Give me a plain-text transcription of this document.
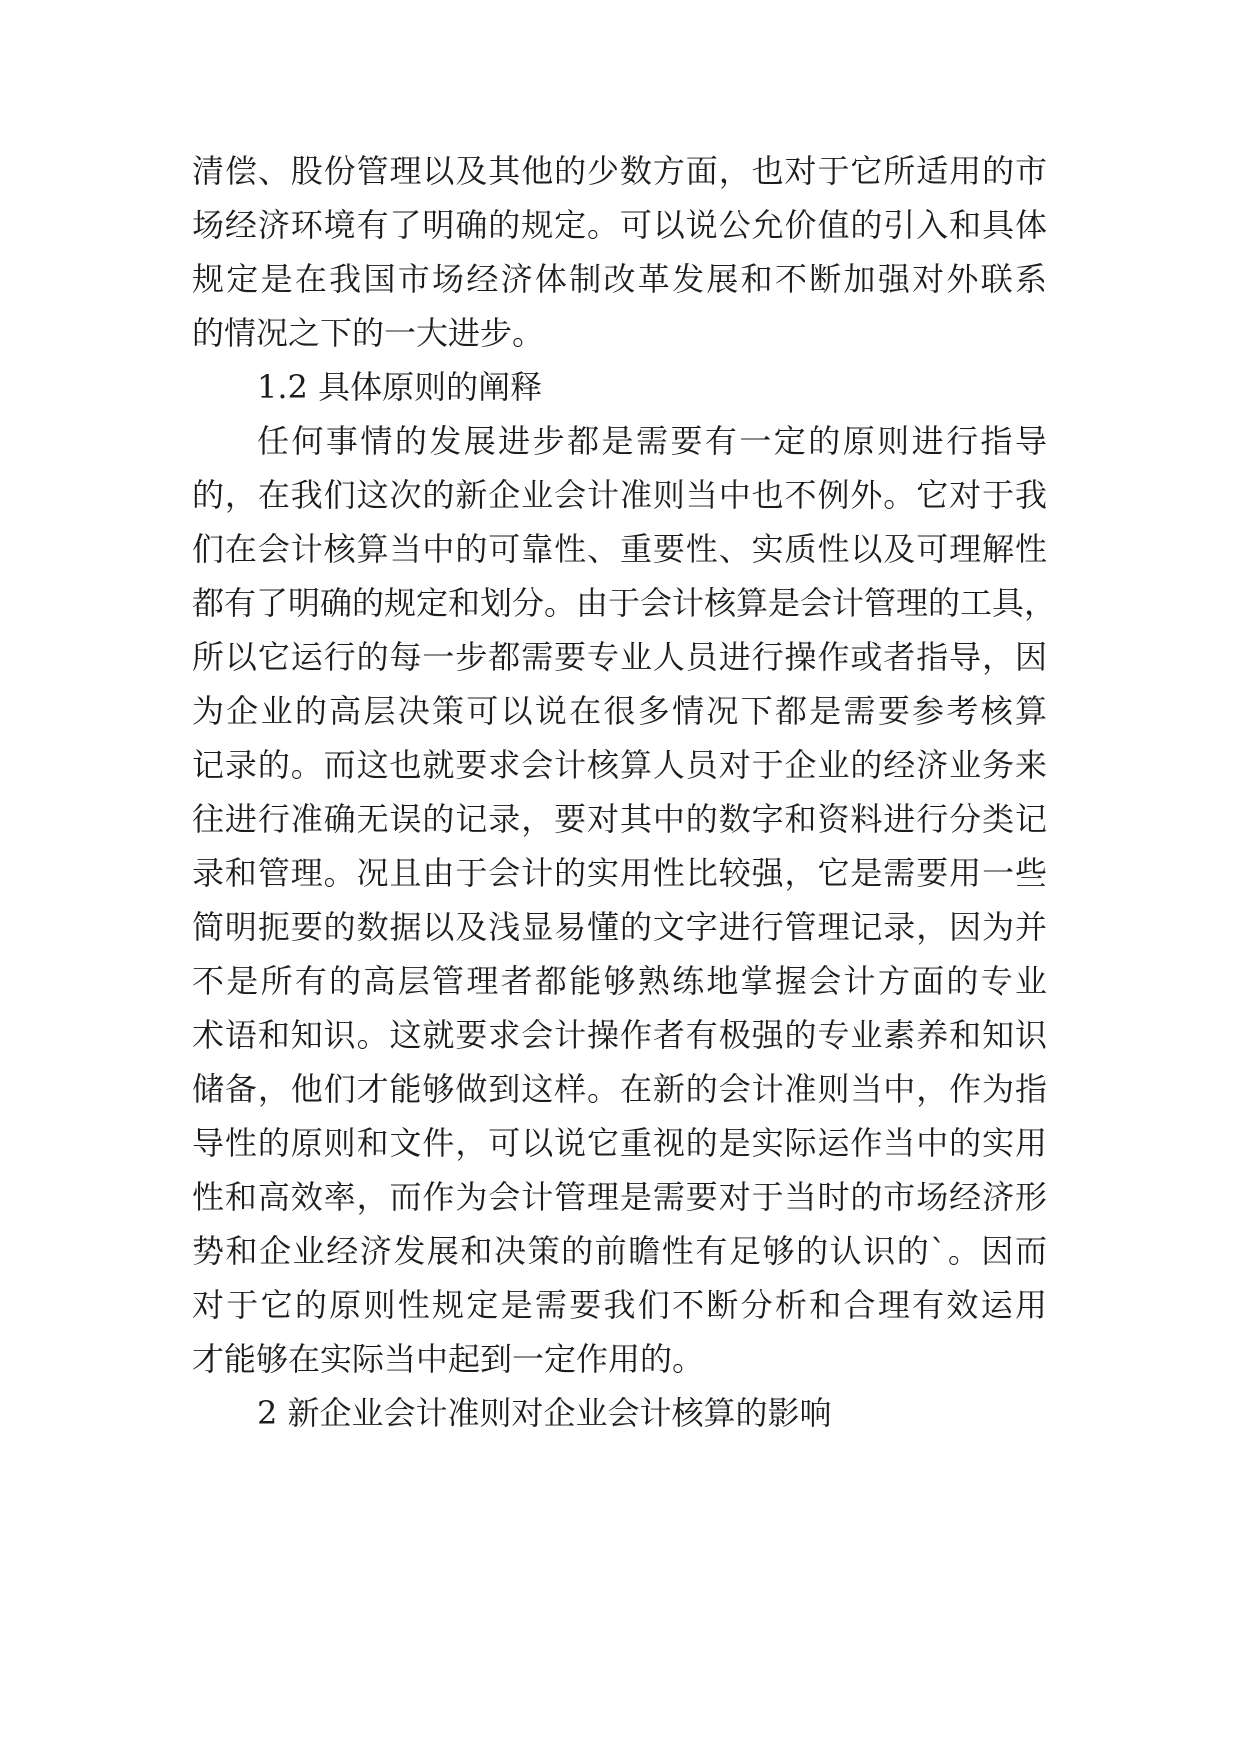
清偿、股份管理以及其他的少数方面，也对于它所适用的市
场经济环境有了明确的规定。可以说公允价值的引入和具体
规定是在我国市场经济体制改革发展和不断加强对外联系
的情况之下的一大进步。
1.2 具体原则的阐释
任何事情的发展进步都是需要有一定的原则进行指导
的，在我们这次的新企业会计准则当中也不例外。它对于我
们在会计核算当中的可靠性、重要性、实质性以及可理解性
都有了明确的规定和划分。由于会计核算是会计管理的工具，
所以它运行的每一步都需要专业人员进行操作或者指导，因
为企业的高层决策可以说在很多情况下都是需要参考核算
记录的。而这也就要求会计核算人员对于企业的经济业务来
往进行准确无误的记录，要对其中的数字和资料进行分类记
录和管理。况且由于会计的实用性比较强，它是需要用一些
简明扼要的数据以及浅显易懂的文字进行管理记录，因为并
不是所有的高层管理者都能够熟练地掌握会计方面的专业
术语和知识。这就要求会计操作者有极强的专业素养和知识
储备，他们才能够做到这样。在新的会计准则当中，作为指
导性的原则和文件，可以说它重视的是实际运作当中的实用
性和高效率，而作为会计管理是需要对于当时的市场经济形
势和企业经济发展和决策的前瞻性有足够的认识的`。因而
对于它的原则性规定是需要我们不断分析和合理有效运用
才能够在实际当中起到一定作用的。
2 新企业会计准则对企业会计核算的影响
